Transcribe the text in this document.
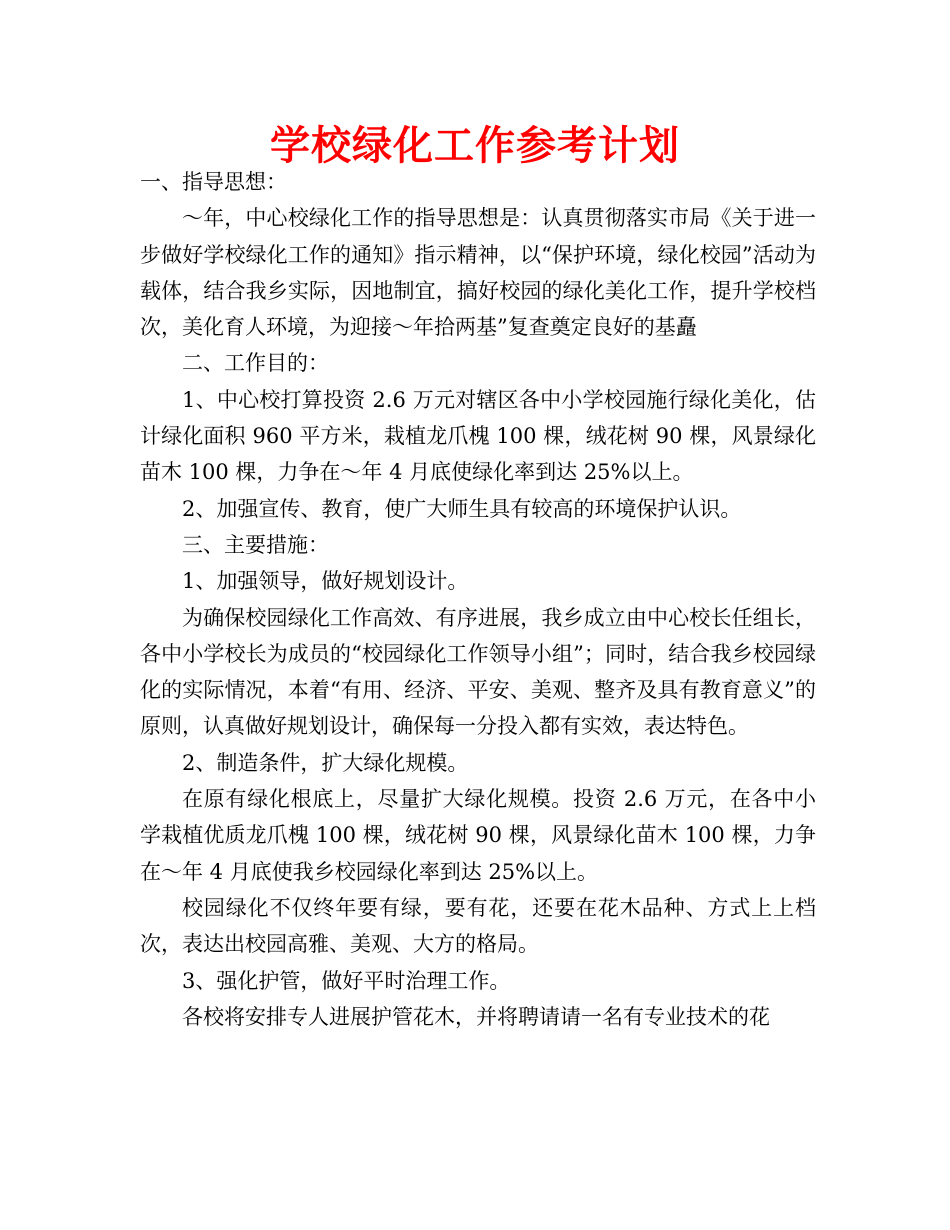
学校绿化工作参考计划

一、指导思想：

～年，中心校绿化工作的指导思想是：认真贯彻落实市局《关于进一步做好学校绿化工作的通知》指示精神，以“保护环境，绿化校园”活动为载体，结合我乡实际，因地制宜，搞好校园的绿化美化工作，提升学校档次，美化育人环境，为迎接～年拾两基”复查奠定良好的基矗

二、工作目的：

1、中心校打算投资 2.6 万元对辖区各中小学校园施行绿化美化，估计绿化面积 960 平方米，栽植龙爪槐 100 棵，绒花树 90 棵，风景绿化苗木 100 棵，力争在～年 4 月底使绿化率到达 25%以上。

2、加强宣传、教育，使广大师生具有较高的环境保护认识。

三、主要措施：

1、加强领导，做好规划设计。

为确保校园绿化工作高效、有序进展，我乡成立由中心校长任组长，各中小学校长为成员的“校园绿化工作领导小组”；同时，结合我乡校园绿化的实际情况，本着“有用、经济、平安、美观、整齐及具有教育意义”的原则，认真做好规划设计，确保每一分投入都有实效，表达特色。

2、制造条件，扩大绿化规模。

在原有绿化根底上，尽量扩大绿化规模。投资 2.6 万元，在各中小学栽植优质龙爪槐 100 棵，绒花树 90 棵，风景绿化苗木 100 棵，力争在～年 4 月底使我乡校园绿化率到达 25%以上。

校园绿化不仅终年要有绿，要有花，还要在花木品种、方式上上档次，表达出校园高雅、美观、大方的格局。

3、强化护管，做好平时治理工作。

各校将安排专人进展护管花木，并将聘请请一名有专业技术的花
